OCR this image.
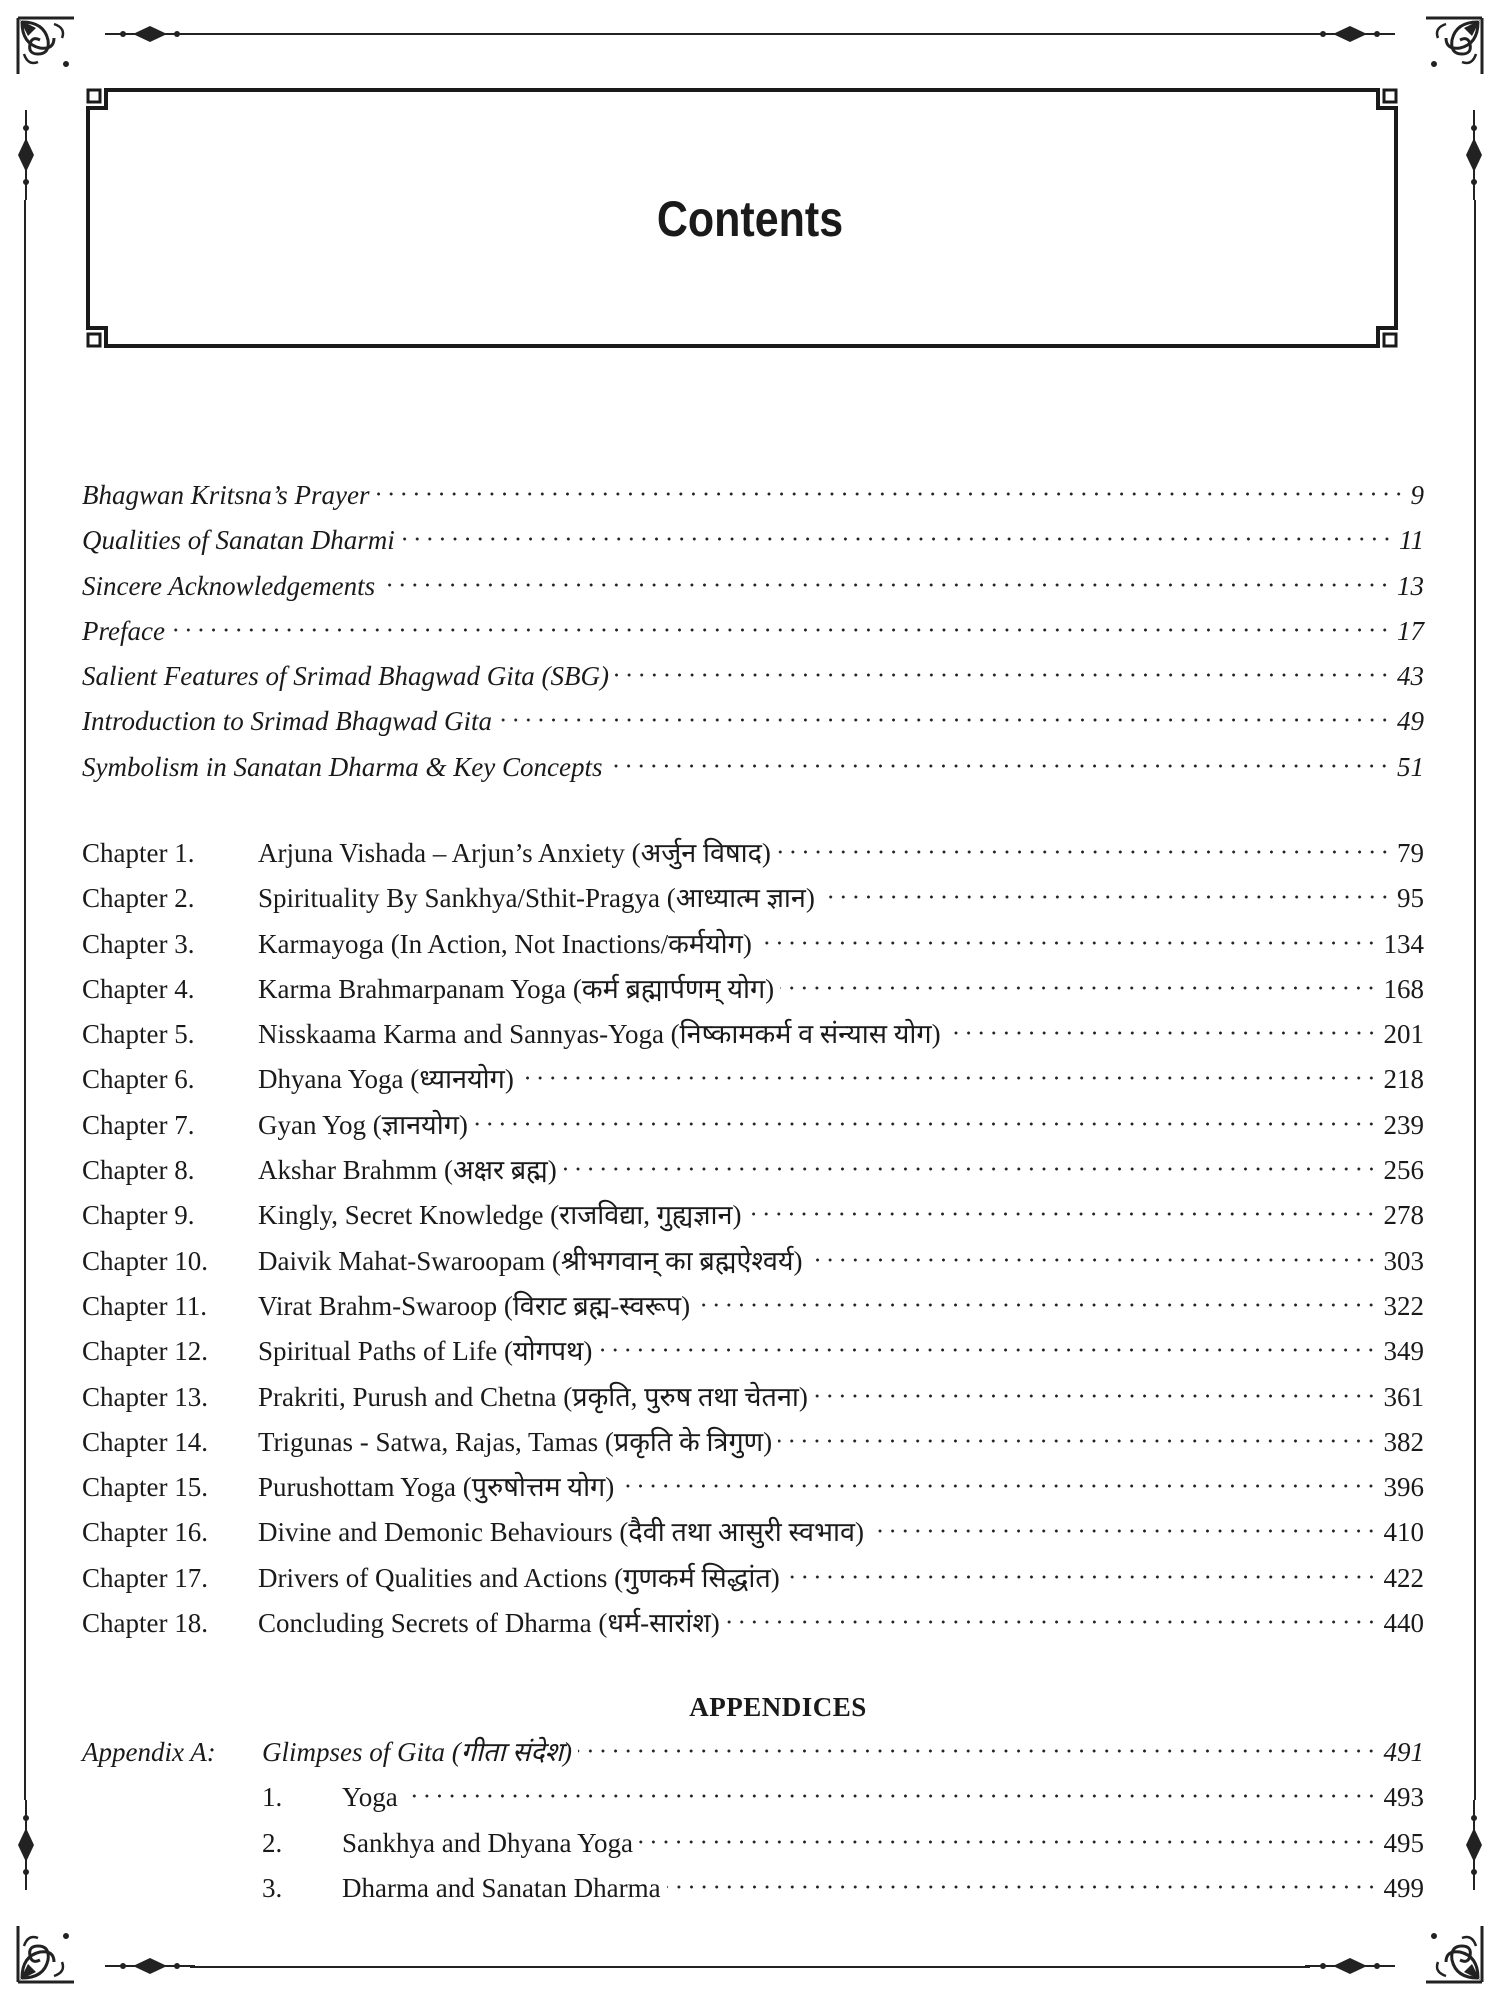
Contents
Bhagwan Kritsna’s Prayer	9
Qualities of Sanatan Dharmi	11
Sincere Acknowledgements	13
Preface	17
Salient Features of Srimad Bhagwad Gita (SBG)	43
Introduction to Srimad Bhagwad Gita	49
Symbolism in Sanatan Dharma & Key Concepts	51
Chapter 1.	Arjuna Vishada – Arjun’s Anxiety (अर्जुन विषाद)	79
Chapter 2.	Spirituality By Sankhya/Sthit-Pragya (आध्यात्म ज्ञान)	95
Chapter 3.	Karmayoga (In Action, Not Inactions/कर्मयोग)	134
Chapter 4.	Karma Brahmarpanam Yoga (कर्म ब्रह्मार्पणम् योग)	168
Chapter 5.	Nisskaama Karma and Sannyas-Yoga (निष्कामकर्म व संन्यास योग)	201
Chapter 6.	Dhyana Yoga (ध्यानयोग)	218
Chapter 7.	Gyan Yog (ज्ञानयोग)	239
Chapter 8.	Akshar Brahmm (अक्षर ब्रह्म)	256
Chapter 9.	Kingly, Secret Knowledge (राजविद्या, गुह्यज्ञान)	278
Chapter 10.	Daivik Mahat-Swaroopam (श्रीभगवान् का ब्रह्मऐश्वर्य)	303
Chapter 11.	Virat Brahm-Swaroop (विराट ब्रह्म-स्वरूप)	322
Chapter 12.	Spiritual Paths of Life (योगपथ)	349
Chapter 13.	Prakriti, Purush and Chetna (प्रकृति, पुरुष तथा चेतना)	361
Chapter 14.	Trigunas - Satwa, Rajas, Tamas (प्रकृति के त्रिगुण)	382
Chapter 15.	Purushottam Yoga (पुरुषोत्तम योग)	396
Chapter 16.	Divine and Demonic Behaviours (दैवी तथा आसुरी स्वभाव)	410
Chapter 17.	Drivers of Qualities and Actions (गुणकर्म सिद्धांत)	422
Chapter 18.	Concluding Secrets of Dharma (धर्म-सारांश)	440
APPENDICES
Appendix A:	Glimpses of Gita (गीता संदेश)	491
1.	Yoga	493
2.	Sankhya and Dhyana Yoga	495
3.	Dharma and Sanatan Dharma	499
